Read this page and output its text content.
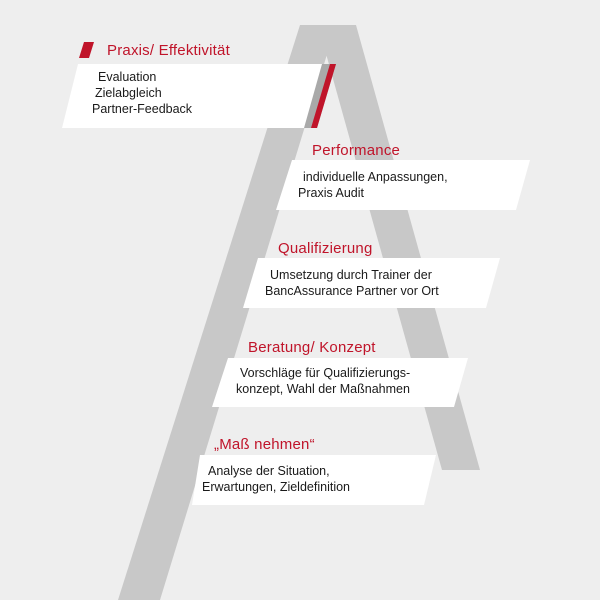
Praxis/ Effektivität
Evaluation
Zielabgleich
Partner-Feedback
Performance
individuelle Anpassungen,
Praxis Audit
Qualifizierung
Umsetzung durch Trainer der
BancAssurance Partner vor Ort
Beratung/ Konzept
Vorschläge für Qualifizierungs-
konzept, Wahl der Maßnahmen
„Maß nehmen“
Analyse der Situation,
Erwartungen, Zieldefinition
